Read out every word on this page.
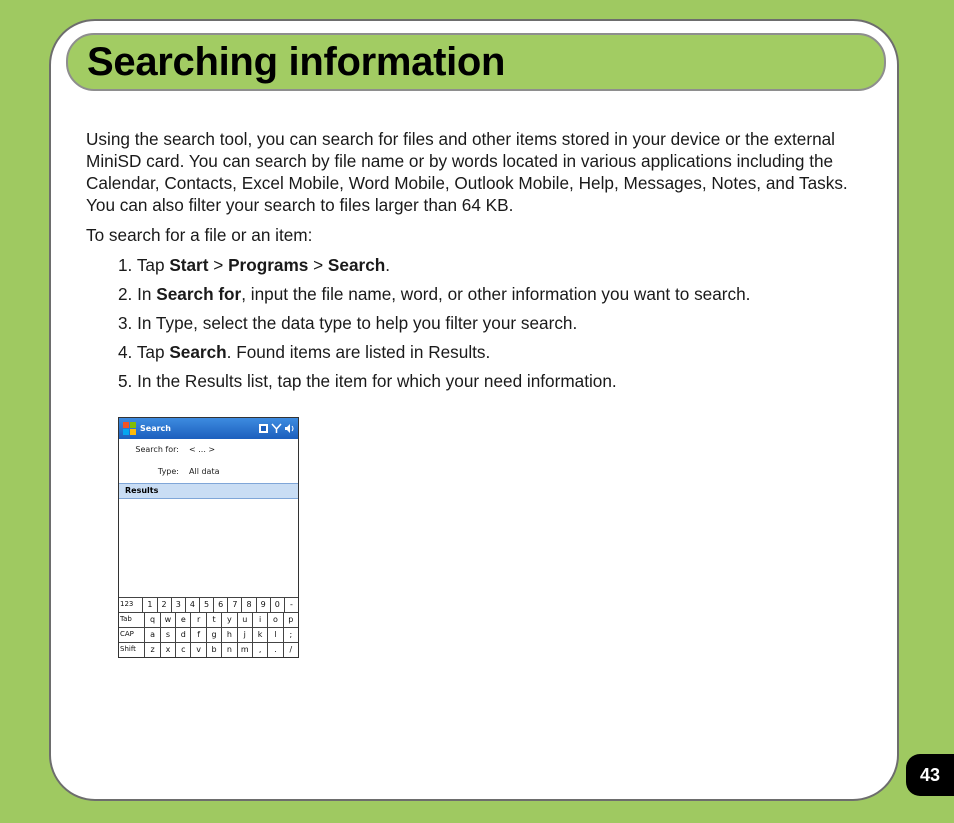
Searching information

Using the search tool, you can search for files and other items stored in your device or the external MiniSD card. You can search by file name or by words located in various applications including the Calendar, Contacts, Excel Mobile, Word Mobile, Outlook Mobile, Help, Messages, Notes, and Tasks. You can also filter your search to files larger than 64 KB.

To search for a file or an item:

1. Tap Start > Programs > Search.
2. In Search for, input the file name, word, or other information you want to search.
3. In Type, select the data type to help you filter your search.
4. Tap Search. Found items are listed in Results.
5. In the Results list, tap the item for which your need information.
Search
Search for: < ... >
Type: All data
Results
123	1	2	3	4	5	6	7	8	9	0	-
Tab	q	w	e	r	t	y	u	i	o	p
CAP	a	s	d	f	g	h	j	k	l	;
Shift	z	x	c	v	b	n	m	,	.	/
43
